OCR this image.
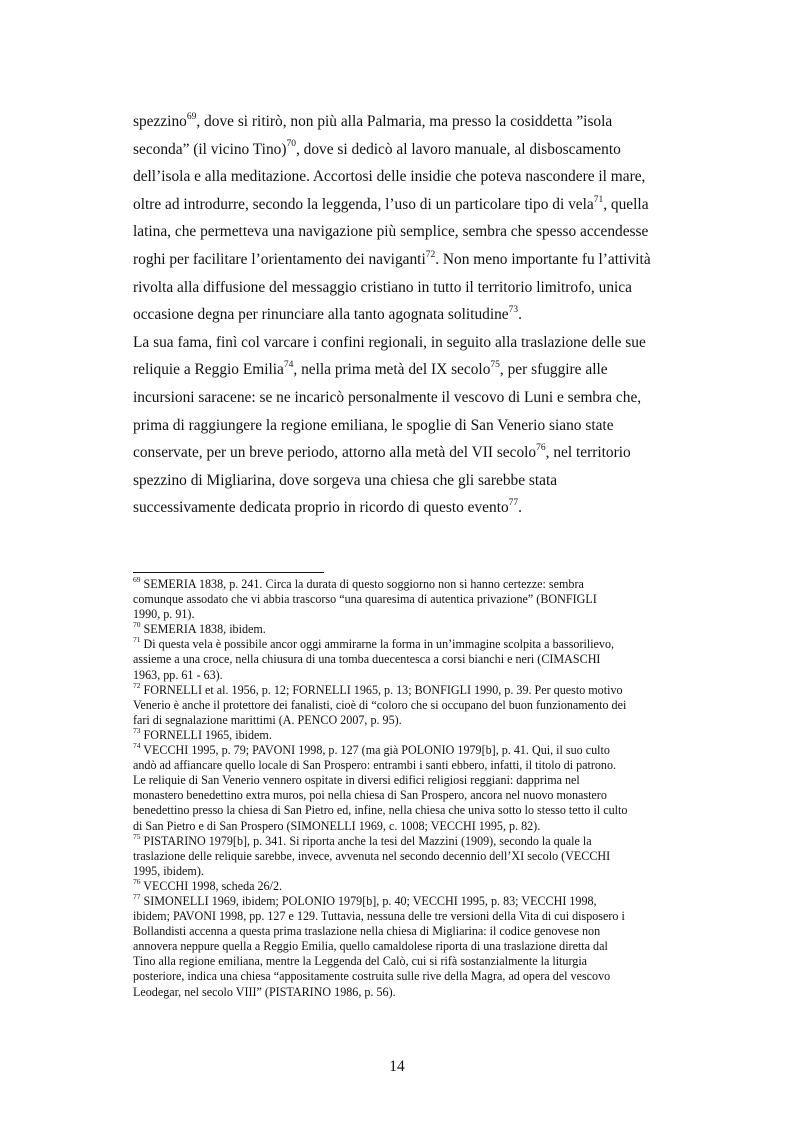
spezzino$^{69}$, dove si ritirò, non più alla Palmaria, ma presso la cosiddetta ”isola
seconda” (il vicino Tino)$^{70}$, dove si dedicò al lavoro manuale, al disboscamento
dell’isola e alla meditazione. Accortosi delle insidie che poteva nascondere il mare,
oltre ad introdurre, secondo la leggenda, l’uso di un particolare tipo di vela$^{71}$, quella
latina, che permetteva una navigazione più semplice, sembra che spesso accendesse
roghi per facilitare l’orientamento dei naviganti$^{72}$. Non meno importante fu l’attività
rivolta alla diffusione del messaggio cristiano in tutto il territorio limitrofo, unica
occasione degna per rinunciare alla tanto agognata solitudine$^{73}$.
La sua fama, finì col varcare i confini regionali, in seguito alla traslazione delle sue
reliquie a Reggio Emilia$^{74}$, nella prima metà del IX secolo$^{75}$, per sfuggire alle
incursioni saracene: se ne incaricò personalmente il vescovo di Luni e sembra che,
prima di raggiungere la regione emiliana, le spoglie di San Venerio siano state
conservate, per un breve periodo, attorno alla metà del VII secolo$^{76}$, nel territorio
spezzino di Migliarina, dove sorgeva una chiesa che gli sarebbe stata
successivamente dedicata proprio in ricordo di questo evento$^{77}$.
$^{69}$ SEMERIA 1838, p. 241. Circa la durata di questo soggiorno non si hanno certezze: sembra
comunque assodato che vi abbia trascorso “una quaresima di autentica privazione” (BONFIGLI
1990, p. 91).
$^{70}$ SEMERIA 1838, ibidem.
$^{71}$ Di questa vela è possibile ancor oggi ammirarne la forma in un’immagine scolpita a bassorilievo,
assieme a una croce, nella chiusura di una tomba duecentesca a corsi bianchi e neri (CIMASCHI
1963, pp. 61 - 63).
$^{72}$ FORNELLI et al. 1956, p. 12; FORNELLI 1965, p. 13; BONFIGLI 1990, p. 39. Per questo motivo
Venerio è anche il protettore dei fanalisti, cioè di “coloro che si occupano del buon funzionamento dei
fari di segnalazione marittimi (A. PENCO 2007, p. 95).
$^{73}$ FORNELLI 1965, ibidem.
$^{74}$ VECCHI 1995, p. 79; PAVONI 1998, p. 127 (ma già POLONIO 1979[b], p. 41. Qui, il suo culto
andò ad affiancare quello locale di San Prospero: entrambi i santi ebbero, infatti, il titolo di patrono.
Le reliquie di San Venerio vennero ospitate in diversi edifici religiosi reggiani: dapprima nel
monastero benedettino extra muros, poi nella chiesa di San Prospero, ancora nel nuovo monastero
benedettino presso la chiesa di San Pietro ed, infine, nella chiesa che univa sotto lo stesso tetto il culto
di San Pietro e di San Prospero (SIMONELLI 1969, c. 1008; VECCHI 1995, p. 82).
$^{75}$ PISTARINO 1979[b], p. 341. Si riporta anche la tesi del Mazzini (1909), secondo la quale la
traslazione delle reliquie sarebbe, invece, avvenuta nel secondo decennio dell’XI secolo (VECCHI
1995, ibidem).
$^{76}$ VECCHI 1998, scheda 26/2.
$^{77}$ SIMONELLI 1969, ibidem; POLONIO 1979[b], p. 40; VECCHI 1995, p. 83; VECCHI 1998,
ibidem; PAVONI 1998, pp. 127 e 129. Tuttavia, nessuna delle tre versioni della Vita di cui disposero i
Bollandisti accenna a questa prima traslazione nella chiesa di Migliarina: il codice genovese non
annovera neppure quella a Reggio Emilia, quello camaldolese riporta di una traslazione diretta dal
Tino alla regione emiliana, mentre la Leggenda del Calò, cui si rifà sostanzialmente la liturgia
posteriore, indica una chiesa “appositamente costruita sulle rive della Magra, ad opera del vescovo
Leodegar, nel secolo VIII” (PISTARINO 1986, p. 56).
14
